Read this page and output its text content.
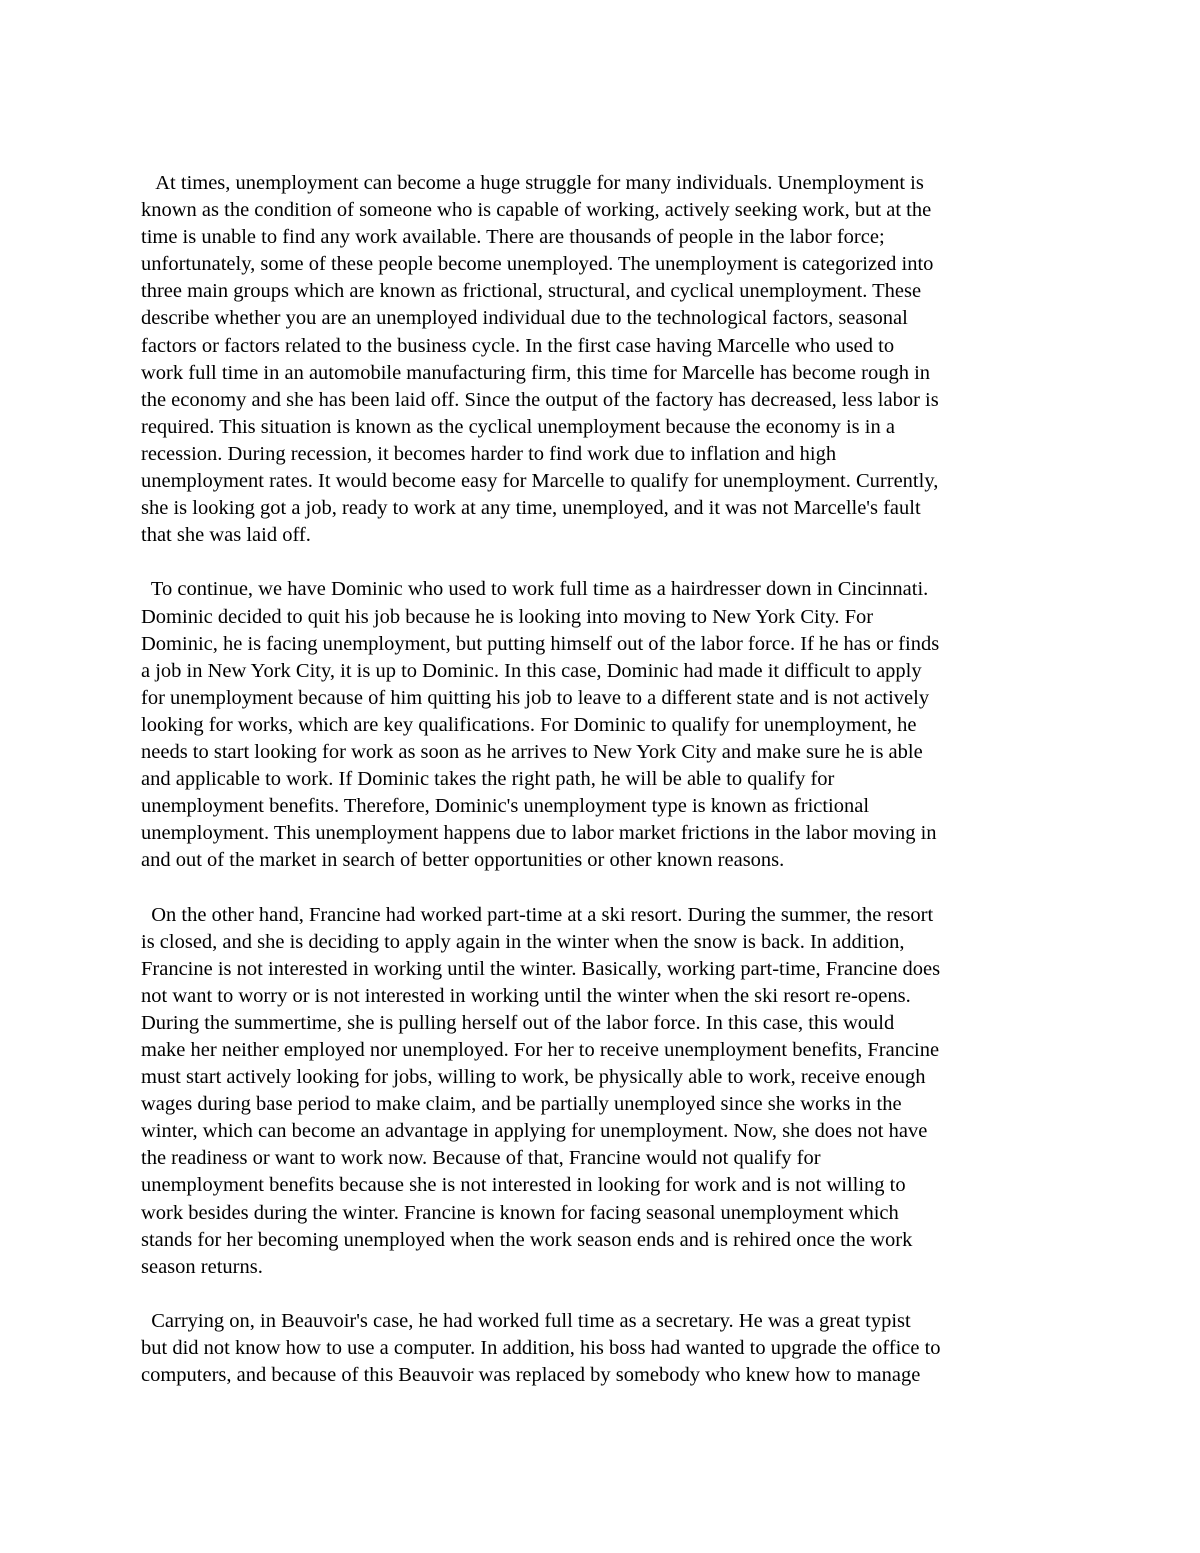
At times, unemployment can become a huge struggle for many individuals. Unemployment is
known as the condition of someone who is capable of working, actively seeking work, but at the
time is unable to find any work available. There are thousands of people in the labor force;
unfortunately, some of these people become unemployed. The unemployment is categorized into
three main groups which are known as frictional, structural, and cyclical unemployment. These
describe whether you are an unemployed individual due to the technological factors, seasonal
factors or factors related to the business cycle. In the first case having Marcelle who used to
work full time in an automobile manufacturing firm, this time for Marcelle has become rough in
the economy and she has been laid off. Since the output of the factory has decreased, less labor is
required. This situation is known as the cyclical unemployment because the economy is in a
recession. During recession, it becomes harder to find work due to inflation and high
unemployment rates. It would become easy for Marcelle to qualify for unemployment. Currently,
she is looking got a job, ready to work at any time, unemployed, and it was not Marcelle's fault
that she was laid off.

To continue, we have Dominic who used to work full time as a hairdresser down in Cincinnati.
Dominic decided to quit his job because he is looking into moving to New York City. For
Dominic, he is facing unemployment, but putting himself out of the labor force. If he has or finds
a job in New York City, it is up to Dominic. In this case, Dominic had made it difficult to apply
for unemployment because of him quitting his job to leave to a different state and is not actively
looking for works, which are key qualifications. For Dominic to qualify for unemployment, he
needs to start looking for work as soon as he arrives to New York City and make sure he is able
and applicable to work. If Dominic takes the right path, he will be able to qualify for
unemployment benefits. Therefore, Dominic's unemployment type is known as frictional
unemployment. This unemployment happens due to labor market frictions in the labor moving in
and out of the market in search of better opportunities or other known reasons.

On the other hand, Francine had worked part-time at a ski resort. During the summer, the resort
is closed, and she is deciding to apply again in the winter when the snow is back. In addition,
Francine is not interested in working until the winter. Basically, working part-time, Francine does
not want to worry or is not interested in working until the winter when the ski resort re-opens.
During the summertime, she is pulling herself out of the labor force. In this case, this would
make her neither employed nor unemployed. For her to receive unemployment benefits, Francine
must start actively looking for jobs, willing to work, be physically able to work, receive enough
wages during base period to make claim, and be partially unemployed since she works in the
winter, which can become an advantage in applying for unemployment. Now, she does not have
the readiness or want to work now. Because of that, Francine would not qualify for
unemployment benefits because she is not interested in looking for work and is not willing to
work besides during the winter. Francine is known for facing seasonal unemployment which
stands for her becoming unemployed when the work season ends and is rehired once the work
season returns.

Carrying on, in Beauvoir's case, he had worked full time as a secretary. He was a great typist
but did not know how to use a computer. In addition, his boss had wanted to upgrade the office to
computers, and because of this Beauvoir was replaced by somebody who knew how to manage
